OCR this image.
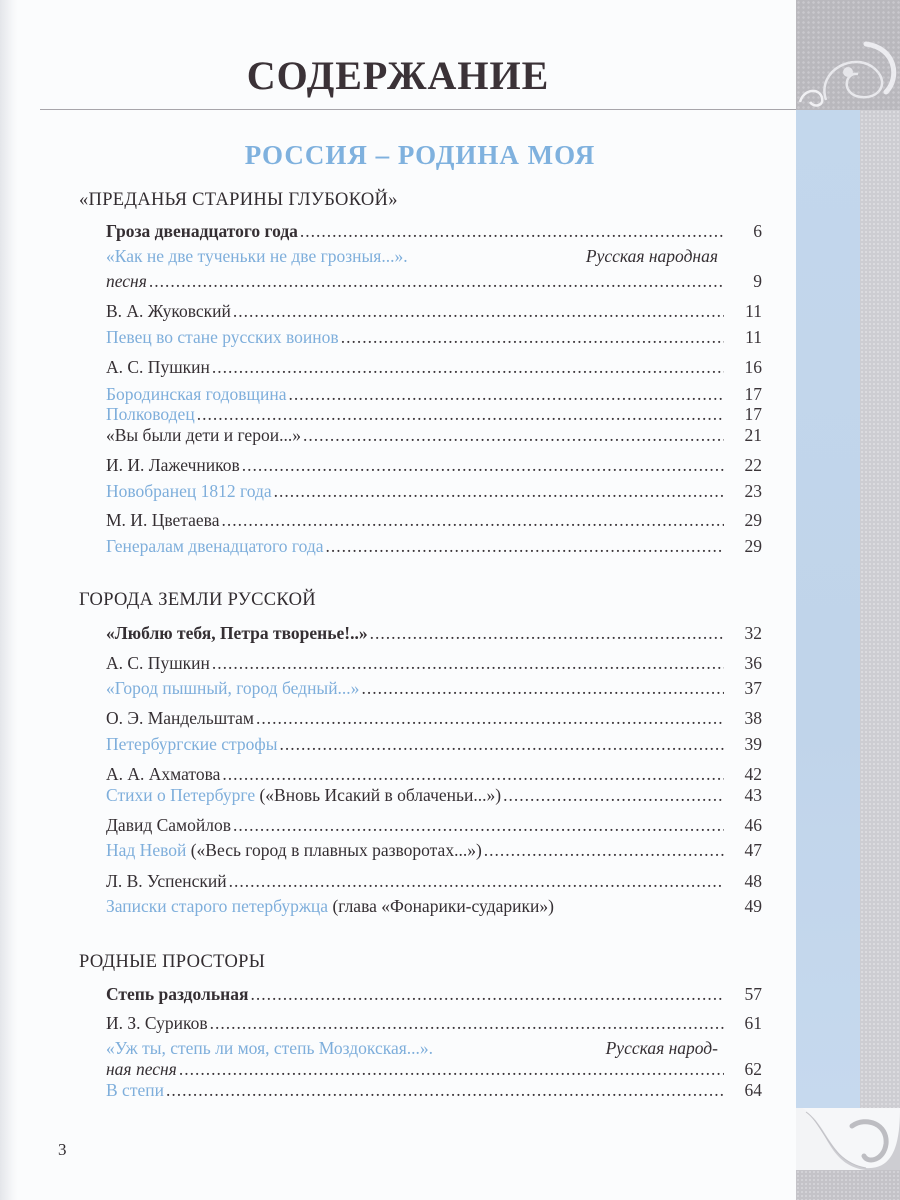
3
СОДЕРЖАНИЕ
РОССИЯ – РОДИНА МОЯ
«ПРЕДАНЬЯ СТАРИНЫ ГЛУБОКОЙ»
Гроза двенадцатого года .....	6
«Как не две тученьки не две грозныя...».	Русская народная
песня .....	9
В. А. Жуковский .....	11
Певец во стане русских воинов .....	11
А. С. Пушкин .....	16
Бородинская годовщина .....	17
Полководец .....	17
«Вы были дети и герои...» .....	21
И. И. Лажечников .....	22
Новобранец 1812 года .....	23
М. И. Цветаева .....	29
Генералам двенадцатого года .....	29
ГОРОДА ЗЕМЛИ РУССКОЙ
«Люблю тебя, Петра творенье!..» .....	32
А. С. Пушкин .....	36
«Город пышный, город бедный...» .....	37
О. Э. Мандельштам .....	38
Петербургские строфы .....	39
А. А. Ахматова .....	42
Стихи о Петербурге («Вновь Исакий в облаченьи...») .....	43
Давид Самойлов .....	46
Над Невой («Весь город в плавных разворотах...») .....	47
Л. В. Успенский .....	48
Записки старого петербуржца (глава «Фонарики-сударики»)	49
РОДНЫЕ ПРОСТОРЫ
Степь раздольная .....	57
И. З. Суриков .....	61
«Уж ты, степь ли моя, степь Моздокская...».	Русская народ-
ная песня .....	62
В степи .....	64
